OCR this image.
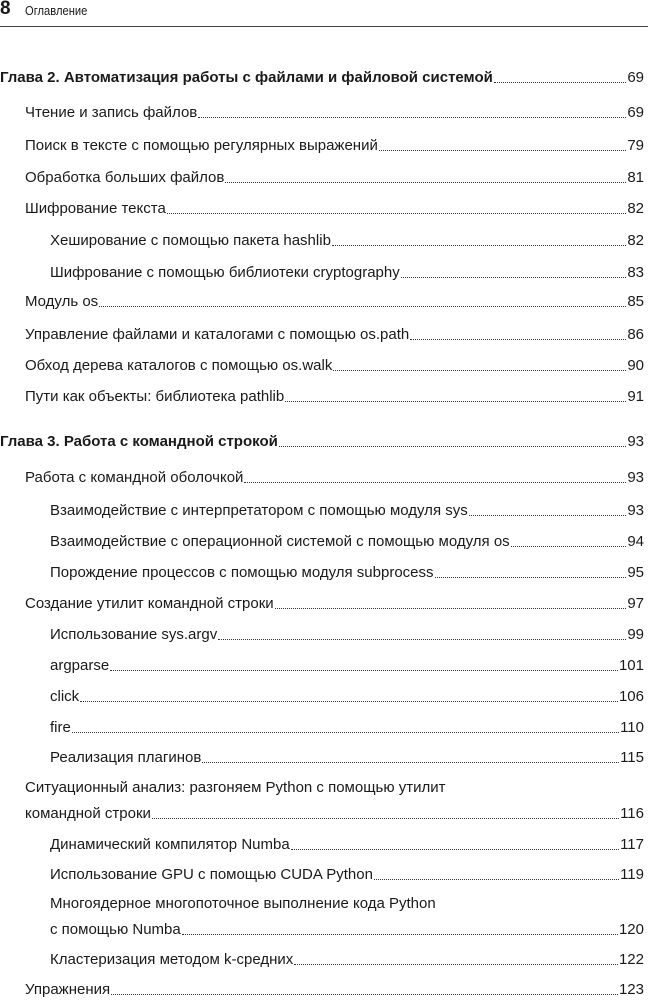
8 Оглавление
Глава 2. Автоматизация работы с файлами и файловой системой	69
Чтение и запись файлов	69
Поиск в тексте с помощью регулярных выражений	79
Обработка больших файлов	81
Шифрование текста	82
Хеширование с помощью пакета hashlib	82
Шифрование с помощью библиотеки cryptography	83
Модуль os	85
Управление файлами и каталогами с помощью os.path	86
Обход дерева каталогов с помощью os.walk	90
Пути как объекты: библиотека pathlib	91
Глава 3. Работа с командной строкой	93
Работа с командной оболочкой	93
Взаимодействие с интерпретатором с помощью модуля sys	93
Взаимодействие с операционной системой с помощью модуля os	94
Порождение процессов с помощью модуля subprocess	95
Создание утилит командной строки	97
Использование sys.argv	99
argparse	101
click	106
fire	110
Реализация плагинов	115
Ситуационный анализ: разгоняем Python с помощью утилит
командной строки	116
Динамический компилятор Numba	117
Использование GPU с помощью CUDA Python	119
Многоядерное многопоточное выполнение кода Python
с помощью Numba	120
Кластеризация методом k-средних	122
Упражнения	123
